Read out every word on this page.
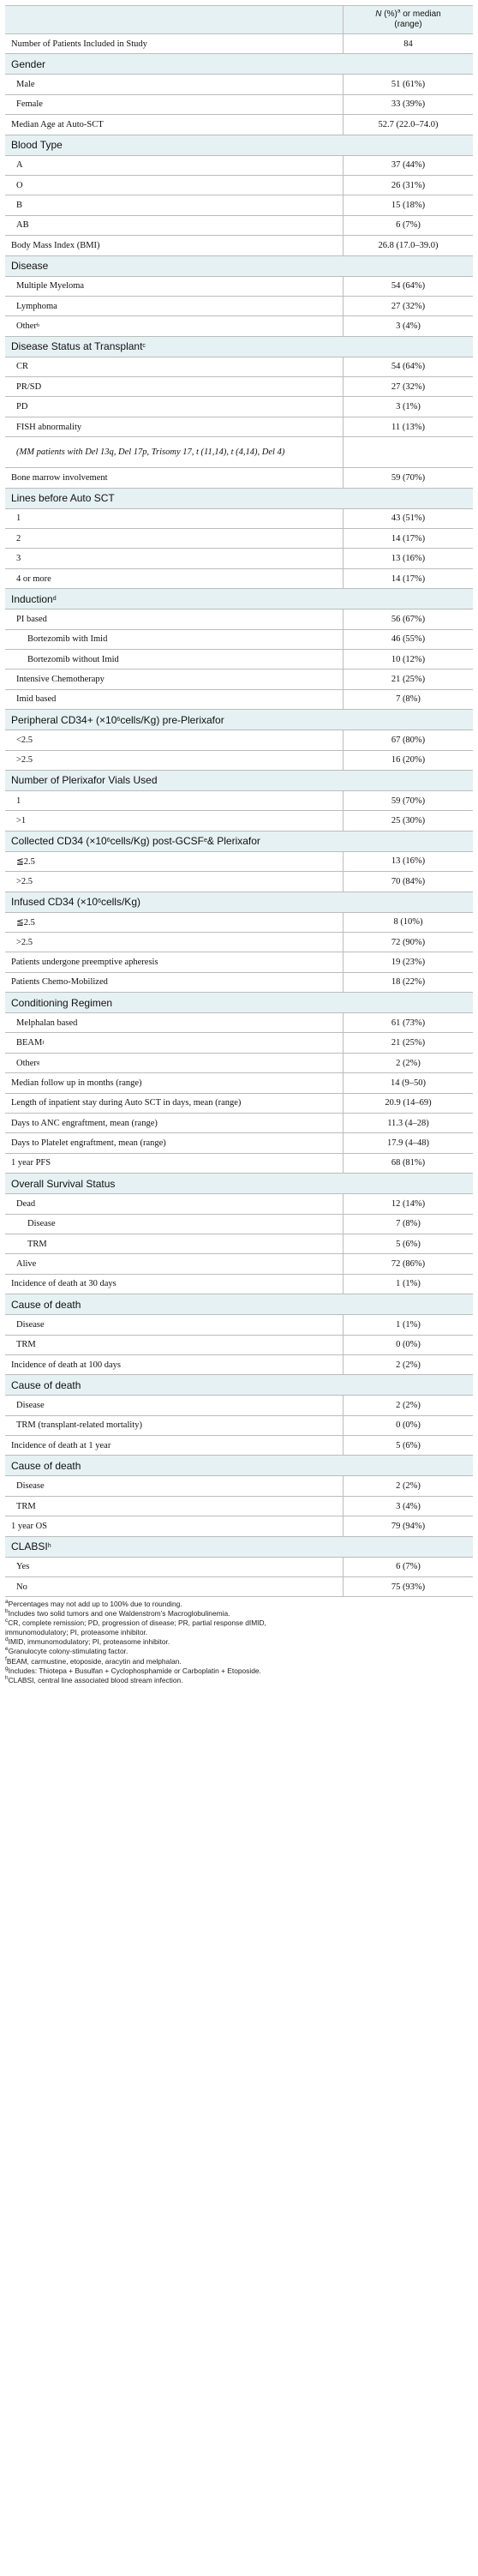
N (%)$^a$ or median
(range)
Number of Patients Included in Study	84
Gender
Male	51 (61%)
Female	33 (39%)
Median Age at Auto-SCT	52.7 (22.0–74.0)
Blood Type
A	37 (44%)
O	26 (31%)
B	15 (18%)
AB	6 (7%)
Body Mass Index (BMI)	26.8 (17.0–39.0)
Disease
Multiple Myeloma	54 (64%)
Lymphoma	27 (32%)
Other b	3 (4%)
Disease Status at Transplant c
CR	54 (64%)
PR/SD	27 (32%)
PD	3 (1%)
FISH abnormality	11 (13%)
(MM patients with Del 13q, Del 17p, Trisomy 17, t (11,14), t (4,14), Del 4)
Bone marrow involvement	59 (70%)
Lines before Auto SCT
1	43 (51%)
2	14 (17%)
3	13 (16%)
4 or more	14 (17%)
Induction d
PI based	56 (67%)
Bortezomib with Imid	46 (55%)
Bortezomib without Imid	10 (12%)
Intensive Chemotherapy	21 (25%)
Imid based	7 (8%)
Peripheral CD34+ (×10 6 cells/Kg) pre-Plerixafor
<2.5	67 (80%)
>2.5	16 (20%)
Number of Plerixafor Vials Used
1	59 (70%)
>1	25 (30%)
Collected CD34 (×10 6 cells/Kg) post-GCSF e & Plerixafor
≦2.5	13 (16%)
>2.5	70 (84%)
Infused CD34 (×10 6 cells/Kg)
≦2.5	8 (10%)
>2.5	72 (90%)
Patients undergone preemptive apheresis	19 (23%)
Patients Chemo-Mobilized	18 (22%)
Conditioning Regimen
Melphalan based	61 (73%)
BEAM f	21 (25%)
Other g	2 (2%)
Median follow up in months (range)	14 (9–50)
Length of inpatient stay during Auto SCT in days, mean (range)	20.9 (14–69)
Days to ANC engraftment, mean (range)	11.3 (4–28)
Days to Platelet engraftment, mean (range)	17.9 (4–48)
1 year PFS	68 (81%)
Overall Survival Status
Dead	12 (14%)
Disease	7 (8%)
TRM	5 (6%)
Alive	72 (86%)
Incidence of death at 30 days	1 (1%)
Cause of death
Disease	1 (1%)
TRM	0 (0%)
Incidence of death at 100 days	2 (2%)
Cause of death
Disease	2 (2%)
TRM (transplant-related mortality)	0 (0%)
Incidence of death at 1 year	5 (6%)
Cause of death
Disease	2 (2%)
TRM	3 (4%)
1 year OS	79 (94%)
CLABSI h
Yes	6 (7%)
No	75 (93%)
$^a$Percentages may not add up to 100% due to rounding.
$^b$Includes two solid tumors and one Waldenstrom’s Macroglobulinemia.
$^c$CR, complete remission; PD, progression of disease; PR, partial response dIMID,
immunomodulatory; PI, proteasome inhibitor.
$^d$IMID, immunomodulatory; PI, proteasome inhibitor.
$^e$Granulocyte colony-stimulating factor.
$^f$BEAM, carmustine, etoposide, aracytin and melphalan.
$^g$Includes: Thiotepa + Busulfan + Cyclophosphamide or Carboplatin + Etoposide.
$^h$CLABSI, central line associated blood stream infection.
